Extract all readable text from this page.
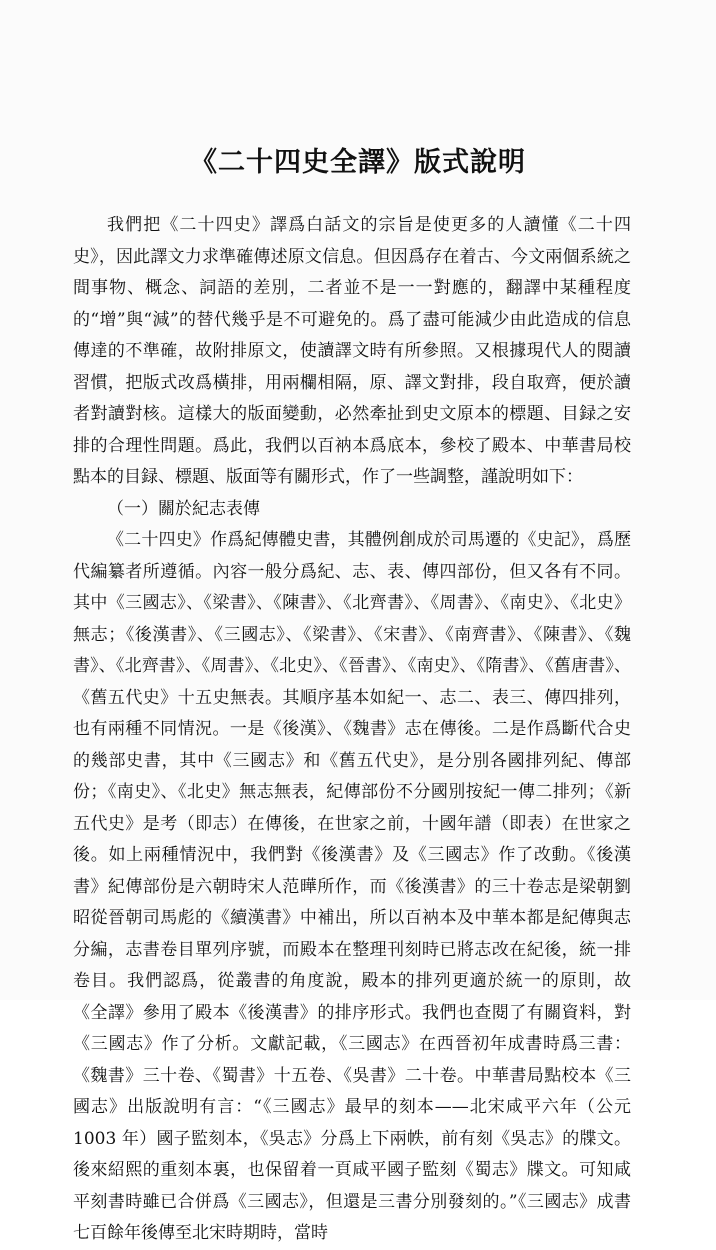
《二十四史全譯》版式說明

我們把《二十四史》譯爲白話文的宗旨是使更多的人讀懂《二十四史》，因此譯文力求準確傳述原文信息。但因爲存在着古、今文兩個系統之間事物、概念、詞語的差別，二者並不是一一對應的，翻譯中某種程度的“增”與“減”的替代幾乎是不可避免的。爲了盡可能減少由此造成的信息傳達的不準確，故附排原文，使讀譯文時有所參照。又根據現代人的閱讀習慣，把版式改爲橫排，用兩欄相隔，原、譯文對排，段自取齊，便於讀者對讀對核。這樣大的版面變動，必然牽扯到史文原本的標題、目録之安排的合理性問題。爲此，我們以百衲本爲底本，參校了殿本、中華書局校點本的目録、標題、版面等有關形式，作了一些調整，謹說明如下：

（一）關於紀志表傳

《二十四史》作爲紀傳體史書，其體例創成於司馬遷的《史記》，爲歷代編纂者所遵循。內容一般分爲紀、志、表、傳四部份，但又各有不同。其中《三國志》、《梁書》、《陳書》、《北齊書》、《周書》、《南史》、《北史》無志；《後漢書》、《三國志》、《梁書》、《宋書》、《南齊書》、《陳書》、《魏書》、《北齊書》、《周書》、《北史》、《晉書》、《南史》、《隋書》、《舊唐書》、《舊五代史》十五史無表。其順序基本如紀一、志二、表三、傳四排列，也有兩種不同情況。一是《後漢》、《魏書》志在傳後。二是作爲斷代合史的幾部史書，其中《三國志》和《舊五代史》，是分別各國排列紀、傳部份；《南史》、《北史》無志無表，紀傳部份不分國別按紀一傳二排列；《新五代史》是考（即志）在傳後，在世家之前，十國年譜（即表）在世家之後。如上兩種情況中，我們對《後漢書》及《三國志》作了改動。《後漢書》紀傳部份是六朝時宋人范曄所作，而《後漢書》的三十卷志是梁朝劉昭從晉朝司馬彪的《續漢書》中補出，所以百衲本及中華本都是紀傳與志分編，志書卷目單列序號，而殿本在整理刊刻時已將志改在紀後，統一排卷目。我們認爲，從叢書的角度說，殿本的排列更適於統一的原則，故《全譯》參用了殿本《後漢書》的排序形式。我們也查閱了有關資料，對《三國志》作了分析。文獻記載，《三國志》在西晉初年成書時爲三書：《魏書》三十卷、《蜀書》十五卷、《吳書》二十卷。中華書局點校本《三國志》出版說明有言：“《三國志》最早的刻本——北宋咸平六年（公元 1003 年）國子監刻本，《吳志》分爲上下兩帙，前有刻《吳志》的牒文。後來紹熙的重刻本裏，也保留着一頁咸平國子監刻《蜀志》牒文。可知咸平刻書時雖已合併爲《三國志》，但還是三書分別發刻的。”《三國志》成書七百餘年後傳至北宋時期時，當時
